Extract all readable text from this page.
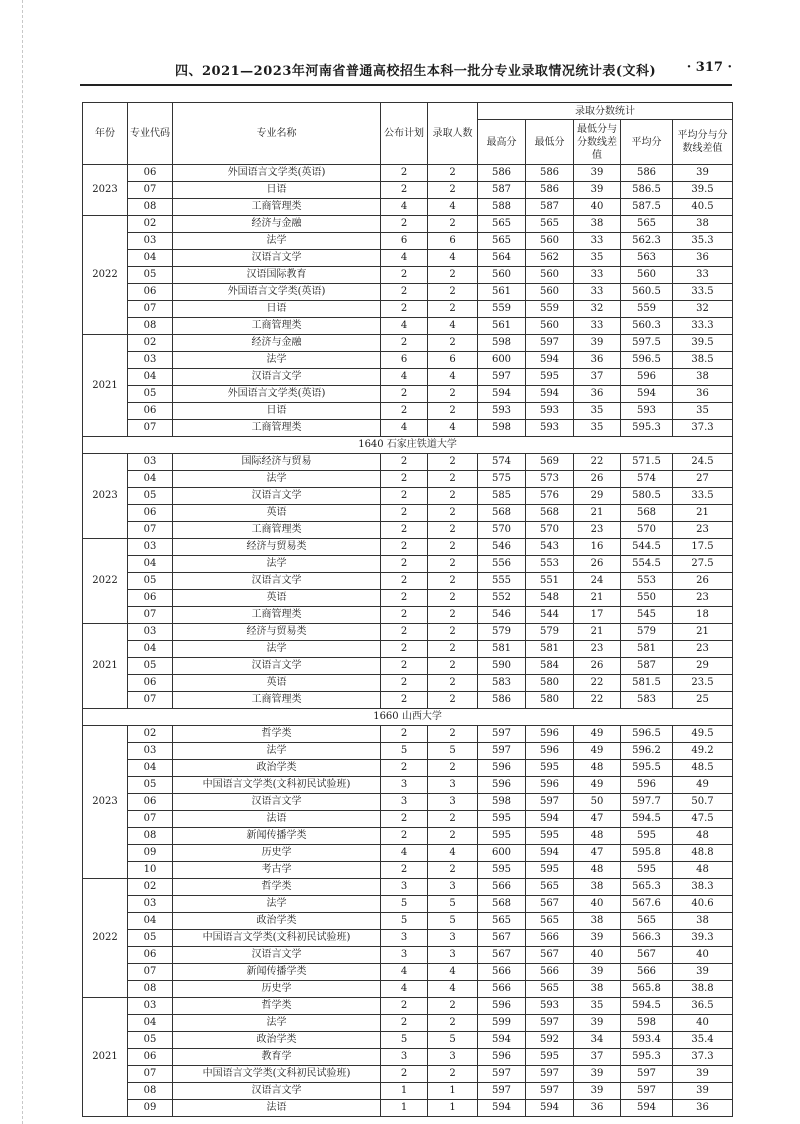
四、2021—2023年河南省普通高校招生本科一批分专业录取情况统计表(文科) · 317 ·
年份	专业代码	专业名称	公布计划	录取人数	录取分数统计				
					最高分	最低分	最低分与分数线差值	平均分	平均分与分数线差值
2023	06	外国语言文学类(英语)	2	2	586	586	39	586	39
	07	日语	2	2	587	586	39	586.5	39.5
	08	工商管理类	4	4	588	587	40	587.5	40.5
2022	02	经济与金融	2	2	565	565	38	565	38
	03	法学	6	6	565	560	33	562.3	35.3
	04	汉语言文学	4	4	564	562	35	563	36
	05	汉语国际教育	2	2	560	560	33	560	33
	06	外国语言文学类(英语)	2	2	561	560	33	560.5	33.5
	07	日语	2	2	559	559	32	559	32
	08	工商管理类	4	4	561	560	33	560.3	33.3
2021	02	经济与金融	2	2	598	597	39	597.5	39.5
	03	法学	6	6	600	594	36	596.5	38.5
	04	汉语言文学	4	4	597	595	37	596	38
	05	外国语言文学类(英语)	2	2	594	594	36	594	36
	06	日语	2	2	593	593	35	593	35
	07	工商管理类	4	4	598	593	35	595.3	37.3
1640 石家庄铁道大学									
2023	03	国际经济与贸易	2	2	574	569	22	571.5	24.5
	04	法学	2	2	575	573	26	574	27
	05	汉语言文学	2	2	585	576	29	580.5	33.5
	06	英语	2	2	568	568	21	568	21
	07	工商管理类	2	2	570	570	23	570	23
2022	03	经济与贸易类	2	2	546	543	16	544.5	17.5
	04	法学	2	2	556	553	26	554.5	27.5
	05	汉语言文学	2	2	555	551	24	553	26
	06	英语	2	2	552	548	21	550	23
	07	工商管理类	2	2	546	544	17	545	18
2021	03	经济与贸易类	2	2	579	579	21	579	21
	04	法学	2	2	581	581	23	581	23
	05	汉语言文学	2	2	590	584	26	587	29
	06	英语	2	2	583	580	22	581.5	23.5
	07	工商管理类	2	2	586	580	22	583	25
1660 山西大学									
2023	02	哲学类	2	2	597	596	49	596.5	49.5
	03	法学	5	5	597	596	49	596.2	49.2
	04	政治学类	2	2	596	595	48	595.5	48.5
	05	中国语言文学类(文科初民试验班)	3	3	596	596	49	596	49
	06	汉语言文学	3	3	598	597	50	597.7	50.7
	07	法语	2	2	595	594	47	594.5	47.5
	08	新闻传播学类	2	2	595	595	48	595	48
	09	历史学	4	4	600	594	47	595.8	48.8
	10	考古学	2	2	595	595	48	595	48
2022	02	哲学类	3	3	566	565	38	565.3	38.3
	03	法学	5	5	568	567	40	567.6	40.6
	04	政治学类	5	5	565	565	38	565	38
	05	中国语言文学类(文科初民试验班)	3	3	567	566	39	566.3	39.3
	06	汉语言文学	3	3	567	567	40	567	40
	07	新闻传播学类	4	4	566	566	39	566	39
	08	历史学	4	4	566	565	38	565.8	38.8
2021	03	哲学类	2	2	596	593	35	594.5	36.5
	04	法学	2	2	599	597	39	598	40
	05	政治学类	5	5	594	592	34	593.4	35.4
	06	教育学	3	3	596	595	37	595.3	37.3
	07	中国语言文学类(文科初民试验班)	2	2	597	597	39	597	39
	08	汉语言文学	1	1	597	597	39	597	39
	09	法语	1	1	594	594	36	594	36
